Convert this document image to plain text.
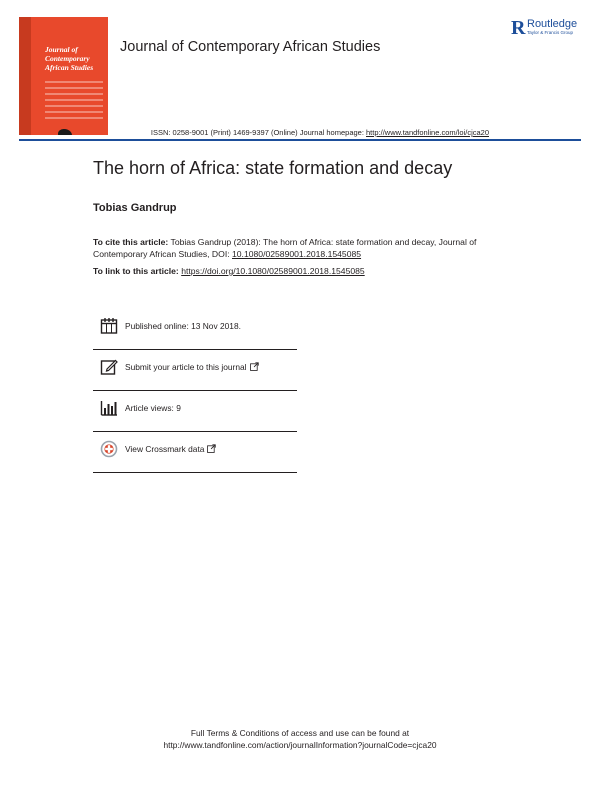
Journal of Contemporary African Studies
Journal of Contemporary African Studies
R Routledge
Taylor & Francis Group
ISSN: 0258-9001 (Print) 1469-9397 (Online) Journal homepage: http://www.tandfonline.com/loi/cjca20
The horn of Africa: state formation and decay
Tobias Gandrup
To cite this article: Tobias Gandrup (2018): The horn of Africa: state formation and decay, Journal of Contemporary African Studies, DOI: 10.1080/02589001.2018.1545085
To link to this article: https://doi.org/10.1080/02589001.2018.1545085
Published online: 13 Nov 2018.
Submit your article to this journal
Article views: 9
View Crossmark data
Full Terms & Conditions of access and use can be found at
http://www.tandfonline.com/action/journalInformation?journalCode=cjca20
